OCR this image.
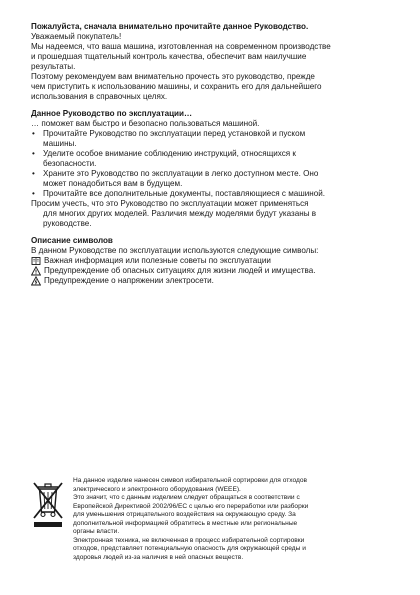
Пожалуйста, сначала внимательно прочитайте данное Руководство.

Уважаемый покупатель!

Мы надеемся, что ваша машина, изготовленная на современном производстве

и прошедшая тщательный контроль качества, обеспечит вам наилучшие

результаты.

Поэтому рекомендуем вам внимательно прочесть это руководство, прежде

чем приступить к использованию машины, и сохранить его для дальнейшего

использования в справочных целях.

Данное Руководство по эксплуатации…

… поможет вам быстро и безопасно пользоваться машиной.

• Прочитайте Руководство по эксплуатации перед установкой и пуском
машины.
• Уделите особое внимание соблюдению инструкций, относящихся к
безопасности.
• Храните это Руководство по эксплуатации в легко доступном месте. Оно
может понадобиться вам в будущем.
• Прочитайте все дополнительные документы, поставляющиеся с машиной.

Просим учесть, что это Руководство по эксплуатации может применяться

для многих других моделей. Различия между моделями будут указаны в

руководстве.

Описание символов

В данном Руководстве по эксплуатации используются следующие символы:

Важная информация или полезные советы по эксплуатации
Предупреждение об опасных ситуациях для жизни людей и имущества.
Предупреждение о напряжении электросети.

На данное изделие нанесен символ избирательной сортировки для отходов

электрического и электронного оборудования (WEEE).

Это значит, что с данным изделием следует обращаться в соответствии с

Европейской Директивой 2002/96/EC с целью его переработки или разборки

для уменьшения отрицательного воздействия на окружающую среду. За

дополнительной информацией обратитесь в местные или региональные

органы власти.

Электронная техника, не включенная в процесс избирательной сортировки

отходов, представляет потенциальную опасность для окружающей среды и

здоровья людей из-за наличия в ней опасных веществ.
